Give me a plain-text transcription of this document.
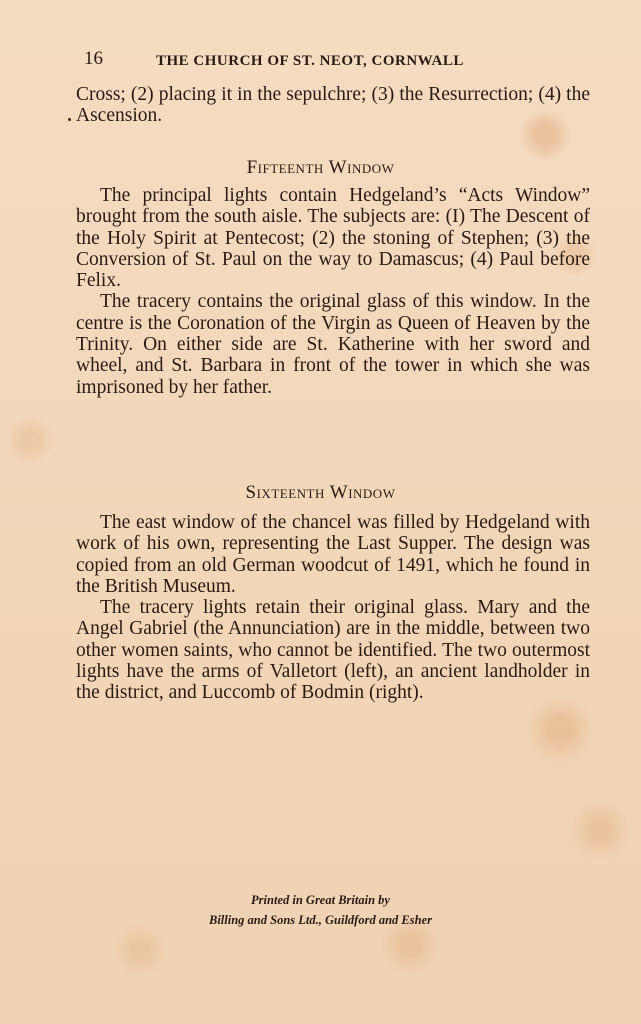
16	THE CHURCH OF ST. NEOT, CORNWALL

Cross; (2) placing it in the sepulchre; (3) the Resurrection; (4) the Ascension.

Fifteenth Window

The principal lights contain Hedgeland’s “Acts Window” brought from the south aisle. The subjects are: (I) The Descent of the Holy Spirit at Pentecost; (2) the stoning of Stephen; (3) the Conversion of St. Paul on the way to Damascus; (4) Paul before Felix.

The tracery contains the original glass of this window. In the centre is the Coronation of the Virgin as Queen of Heaven by the Trinity. On either side are St. Katherine with her sword and wheel, and St. Barbara in front of the tower in which she was imprisoned by her father.

Sixteenth Window

The east window of the chancel was filled by Hedgeland with work of his own, representing the Last Supper. The design was copied from an old German woodcut of 1491, which he found in the British Museum.

The tracery lights retain their original glass. Mary and the Angel Gabriel (the Annunciation) are in the middle, between two other women saints, who cannot be identified. The two outermost lights have the arms of Valletort (left), an ancient landholder in the district, and Luccomb of Bodmin (right).

Printed in Great Britain by
Billing and Sons Ltd., Guildford and Esher
